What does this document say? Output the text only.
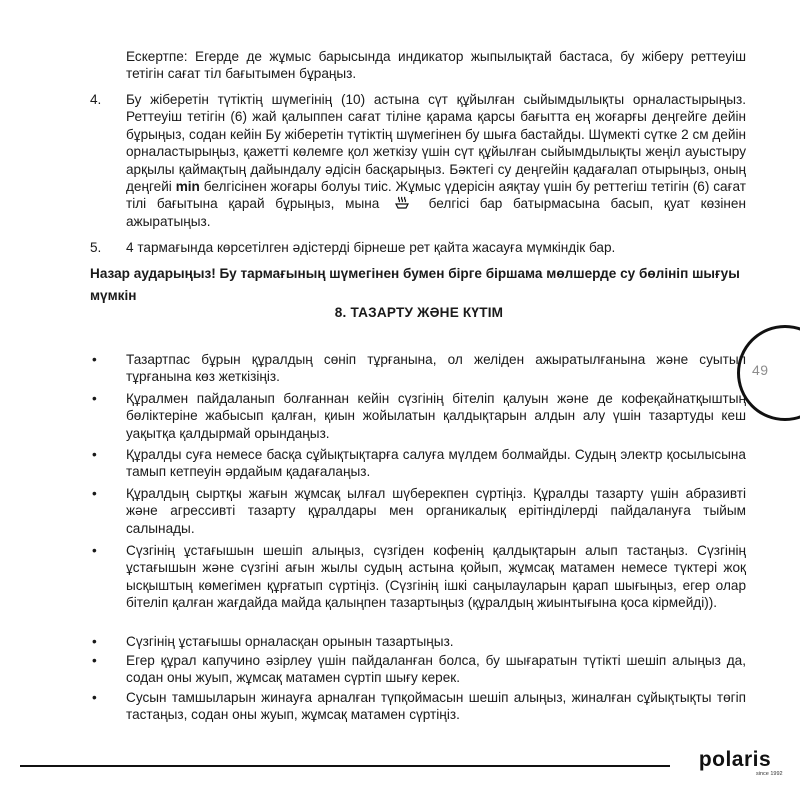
Ескертпе: Егерде де жұмыс барысында индикатор жыпылықтай бастаса, бу жіберу реттеуіш тетігін сағат тіл бағытымен бұраңыз.

4. Бу жіберетін түтіктің шүмегінің (10) астына сүт құйылған сыйымдылықты орналастырыңыз. Реттеуіш тетігін (6) жай қалыппен сағат тіліне қарама қарсы бағытта ең жоғарғы деңгейге дейін бұрыңыз, содан кейін Бу жіберетін түтіктің шүмегінен бу шыға бастайды. Шүмекті сүтке 2 см дейін орналастырыңыз, қажетті көлемге қол жеткізу үшін сүт құйылған сыйымдылықты жеңіл ауыстыру арқылы қаймақтың дайындалу әдісін басқарыңыз. Бәктегі су деңгейін қадағалап отырыңыз, оның деңгейі min белгісінен жоғары болуы тиіс. Жұмыс үдерісін аяқтау үшін бу реттегіш тетігін (6) сағат тілі бағытына қарай бұрыңыз, мына	белгісі бар батырмасына басып, қуат көзінен ажыратыңыз.

5. 4 тармағында көрсетілген әдістерді бірнеше рет қайта жасауға мүмкіндік бар.

Назар аударыңыз! Бу тармағының шүмегінен бумен бірге біршама мөлшерде су бөлініп шығуы мүмкін

8. ТАЗАРТУ ЖӘНЕ КҮТІМ
• Тазартпас бұрын құралдың сөніп тұрғанына, ол желіден ажыратылғанына және суытып тұрғанына көз жеткізіңіз.

• Құралмен пайдаланып болғаннан кейін сүзгінің бітеліп қалуын және де кофеқайнатқыштың бөліктеріне жабысып қалған, қиын жойылатын қалдықтарын алдын алу үшін тазартуды кеш уақытқа қалдырмай орындаңыз.

• Құралды суға немесе басқа сұйықтықтарға салуға мүлдем болмайды. Судың электр қосылысына тамып кетпеуін әрдайым қадағалаңыз.

• Құралдың сыртқы жағын жұмсақ ылғал шүберекпен сүртіңіз. Құралды тазарту үшін абразивті және агрессивті тазарту құралдары мен органикалық ерітінділерді пайдалануға тыйым салынады.

• Сүзгінің ұстағышын шешіп алыңыз, сүзгіден кофенің қалдықтарын алып тастаңыз. Сүзгінің ұстағышын және сүзгіні ағын жылы судың астына қойып, жұмсақ матамен немесе түктері жоқ ысқыштың көмегімен құрғатып сүртіңіз. (Сүзгінің ішкі саңылауларын қарап шығыңыз, егер олар бітеліп қалған жағдайда майда қалыңпен тазартыңыз (құралдың жиынтығына қоса кірмейді)).

• Сүзгінің ұстағышы орналасқан орынын тазартыңыз.

• Егер құрал капучино әзірлеу үшін пайдаланған болса, бу шығаратын түтікті шешіп алыңыз да, содан оны жуып, жұмсақ матамен сүртіп шығу керек.

• Сусын тамшыларын жинауға арналған түпқоймасын шешіп алыңыз, жиналған сұйықтықты төгіп тастаңыз, содан оны жуып, жұмсақ матамен сүртіңіз.

49
polaris
since 1992
